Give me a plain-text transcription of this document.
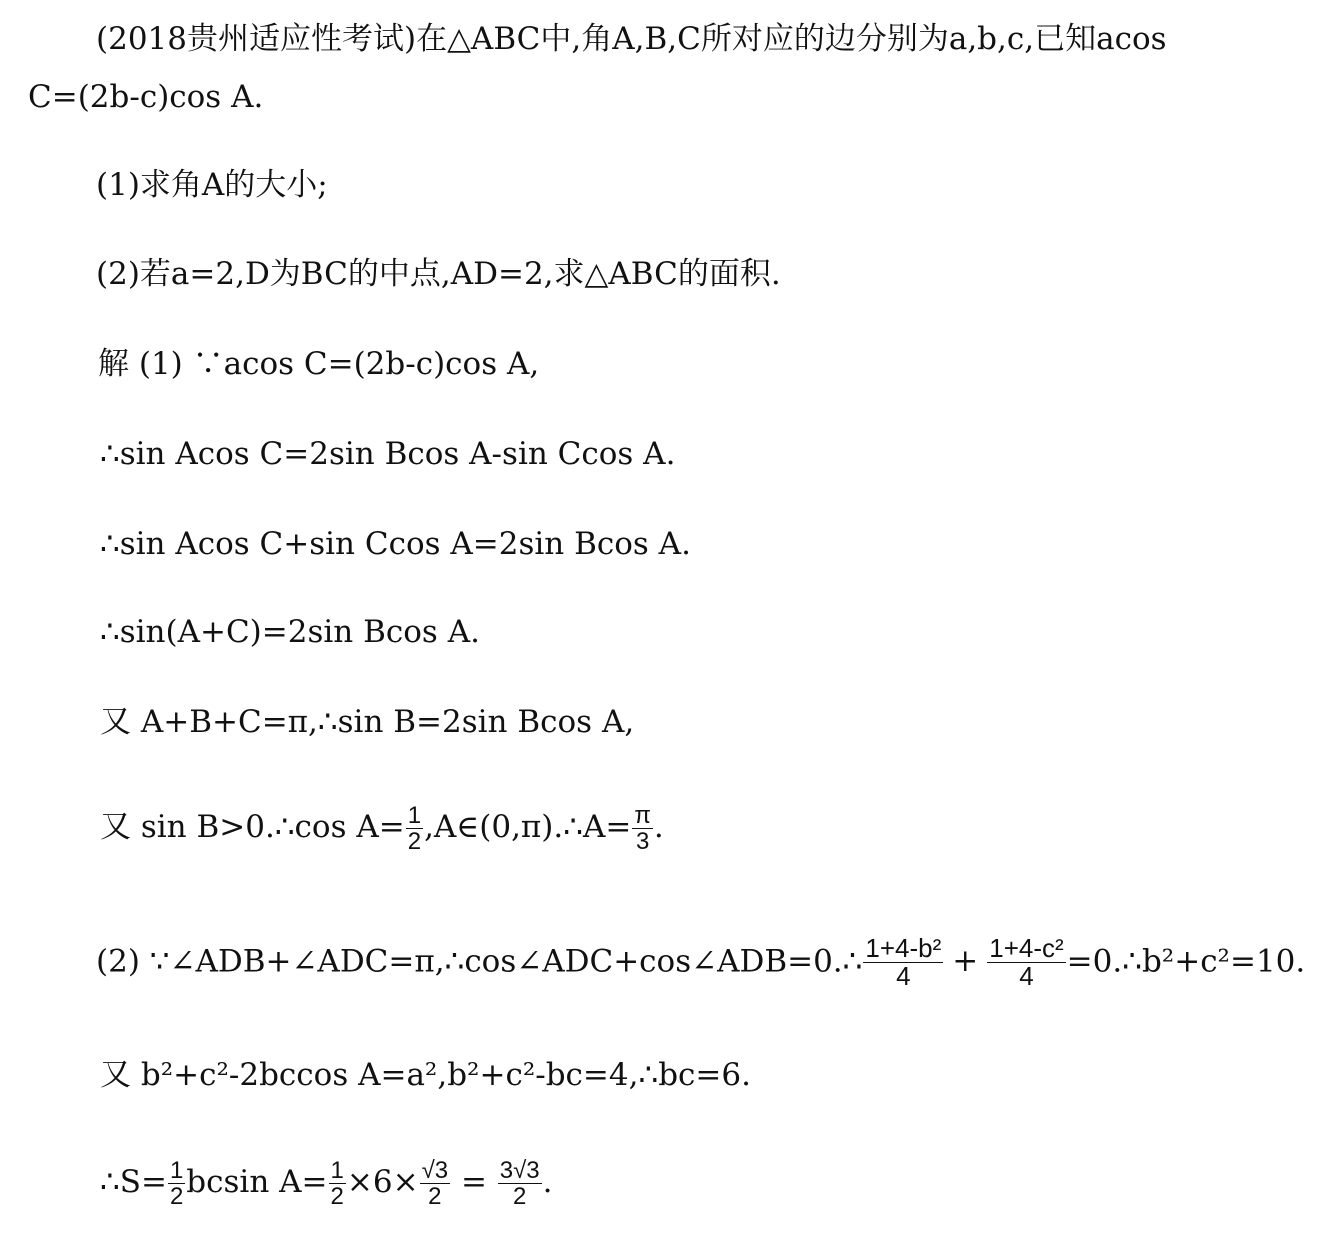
(2018贵州适应性考试)在△ABC中,角A,B,C所对应的边分别为a,b,c,已知acos
C=(2b-c)cos A.
(1)求角A的大小;
(2)若a=2,D为BC的中点,AD=2,求△ABC的面积.
解 (1) ∵acos C=(2b-c)cos A,
∴sin Acos C=2sin Bcos A-sin Ccos A.
∴sin Acos C+sin Ccos A=2sin Bcos A.
∴sin(A+C)=2sin Bcos A.
又 A+B+C=π,∴sin B=2sin Bcos A,
又 sin B>0.∴cos $A= \frac{1}{2}$ ,A∈(0,π).∴A= $\frac{\pi}{3}$ .
(2) ∵∠ADB+∠ADC=π,∴cos∠ADC+cos∠ADB=0.∴ $\frac{\text{1+4-b²}}{4} + \frac{\text{1+4-c²}}{4}$ =0.∴b²+c²=10.
又 b²+c²-2bccos A=a²,b²+c²-bc=4,∴bc=6.
∴S= $\frac{1}{2}$ bcsin $A= \frac{1}{2} \times 6\times \frac{√3}{2} = \frac{3√3}{2}$ .
